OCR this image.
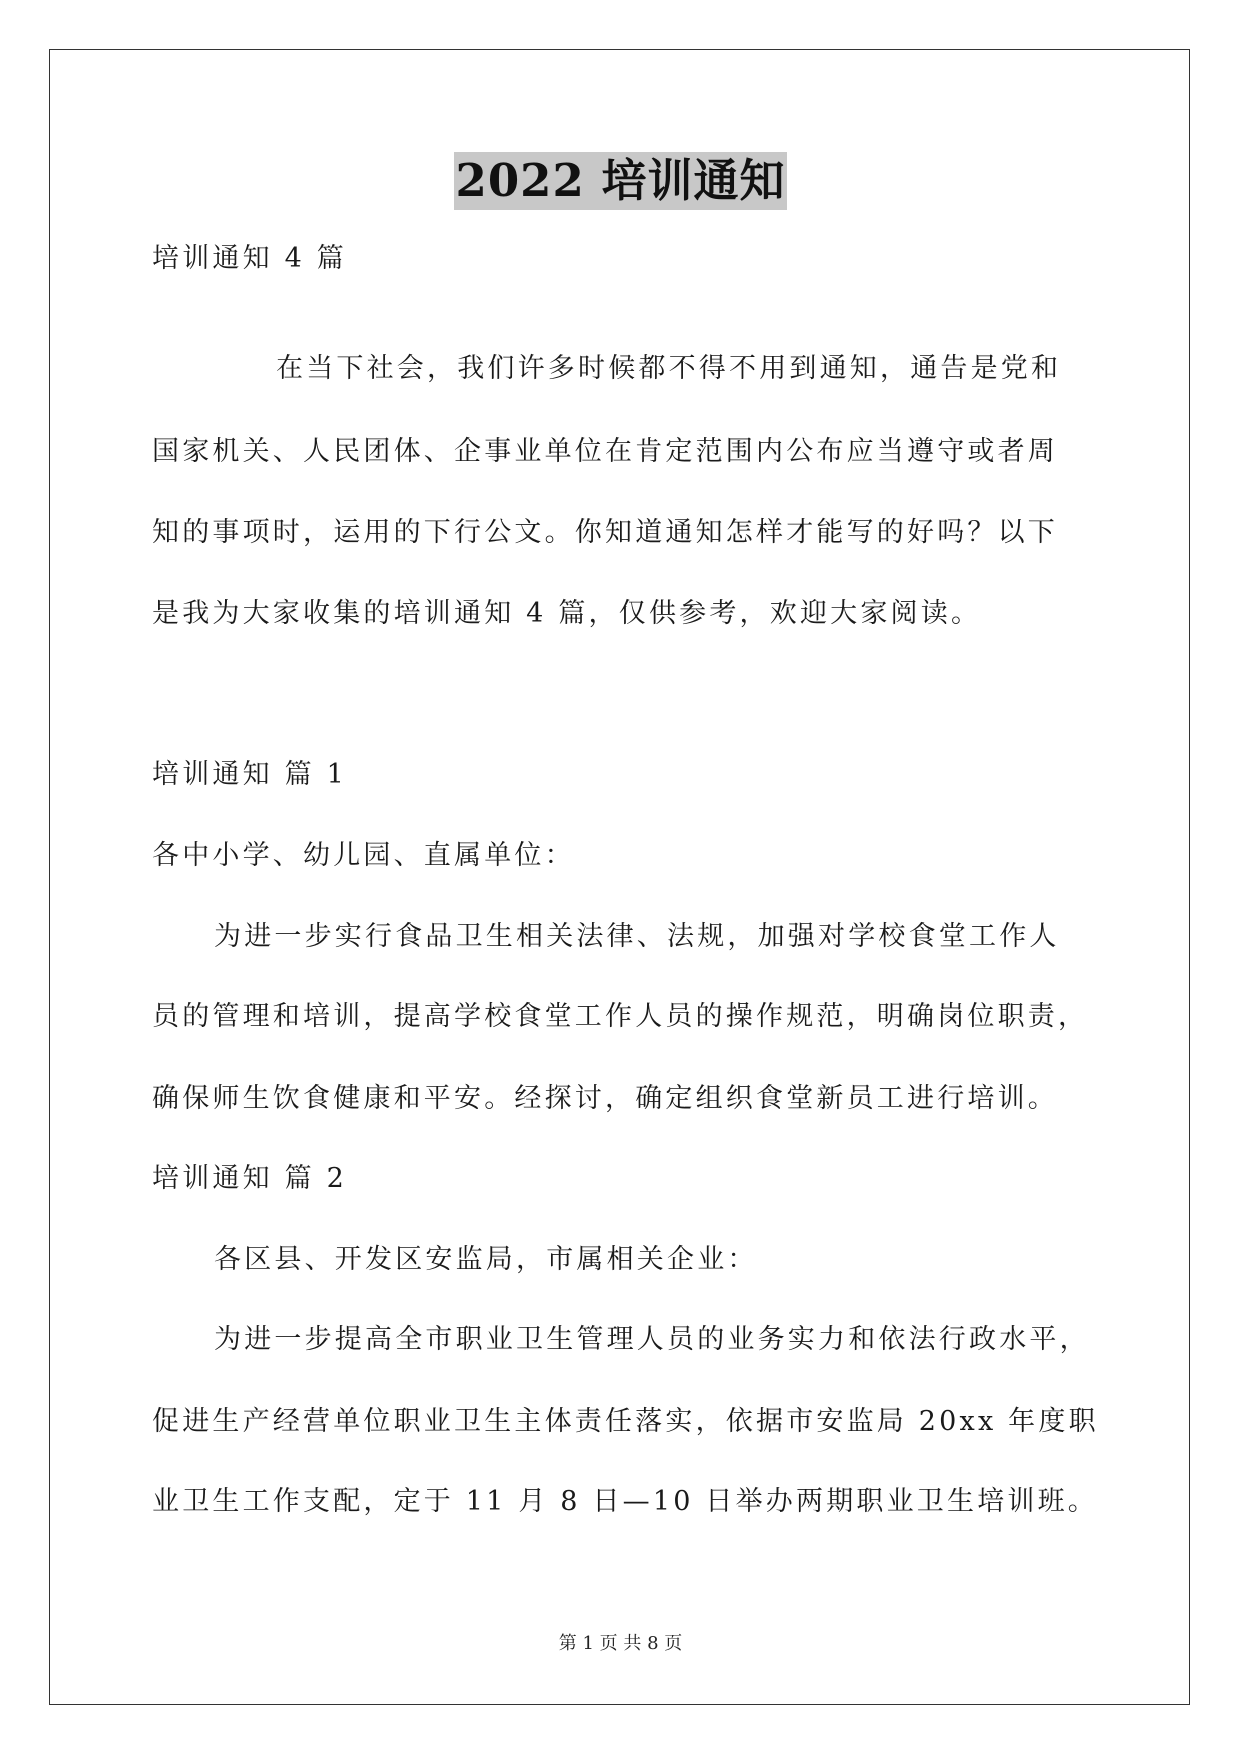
2022 培训通知
培训通知 4 篇
在当下社会，我们许多时候都不得不用到通知，通告是党和
国家机关、人民团体、企事业单位在肯定范围内公布应当遵守或者周
知的事项时，运用的下行公文。你知道通知怎样才能写的好吗？以下
是我为大家收集的培训通知 4 篇，仅供参考，欢迎大家阅读。
培训通知 篇 1
各中小学、幼儿园、直属单位：
为进一步实行食品卫生相关法律、法规，加强对学校食堂工作人
员的管理和培训，提高学校食堂工作人员的操作规范，明确岗位职责，
确保师生饮食健康和平安。经探讨，确定组织食堂新员工进行培训。
培训通知 篇 2
各区县、开发区安监局，市属相关企业：
为进一步提高全市职业卫生管理人员的业务实力和依法行政水平，
促进生产经营单位职业卫生主体责任落实，依据市安监局 20xx 年度职
业卫生工作支配，定于 11 月 8 日—10 日举办两期职业卫生培训班。
第 1 页 共 8 页
